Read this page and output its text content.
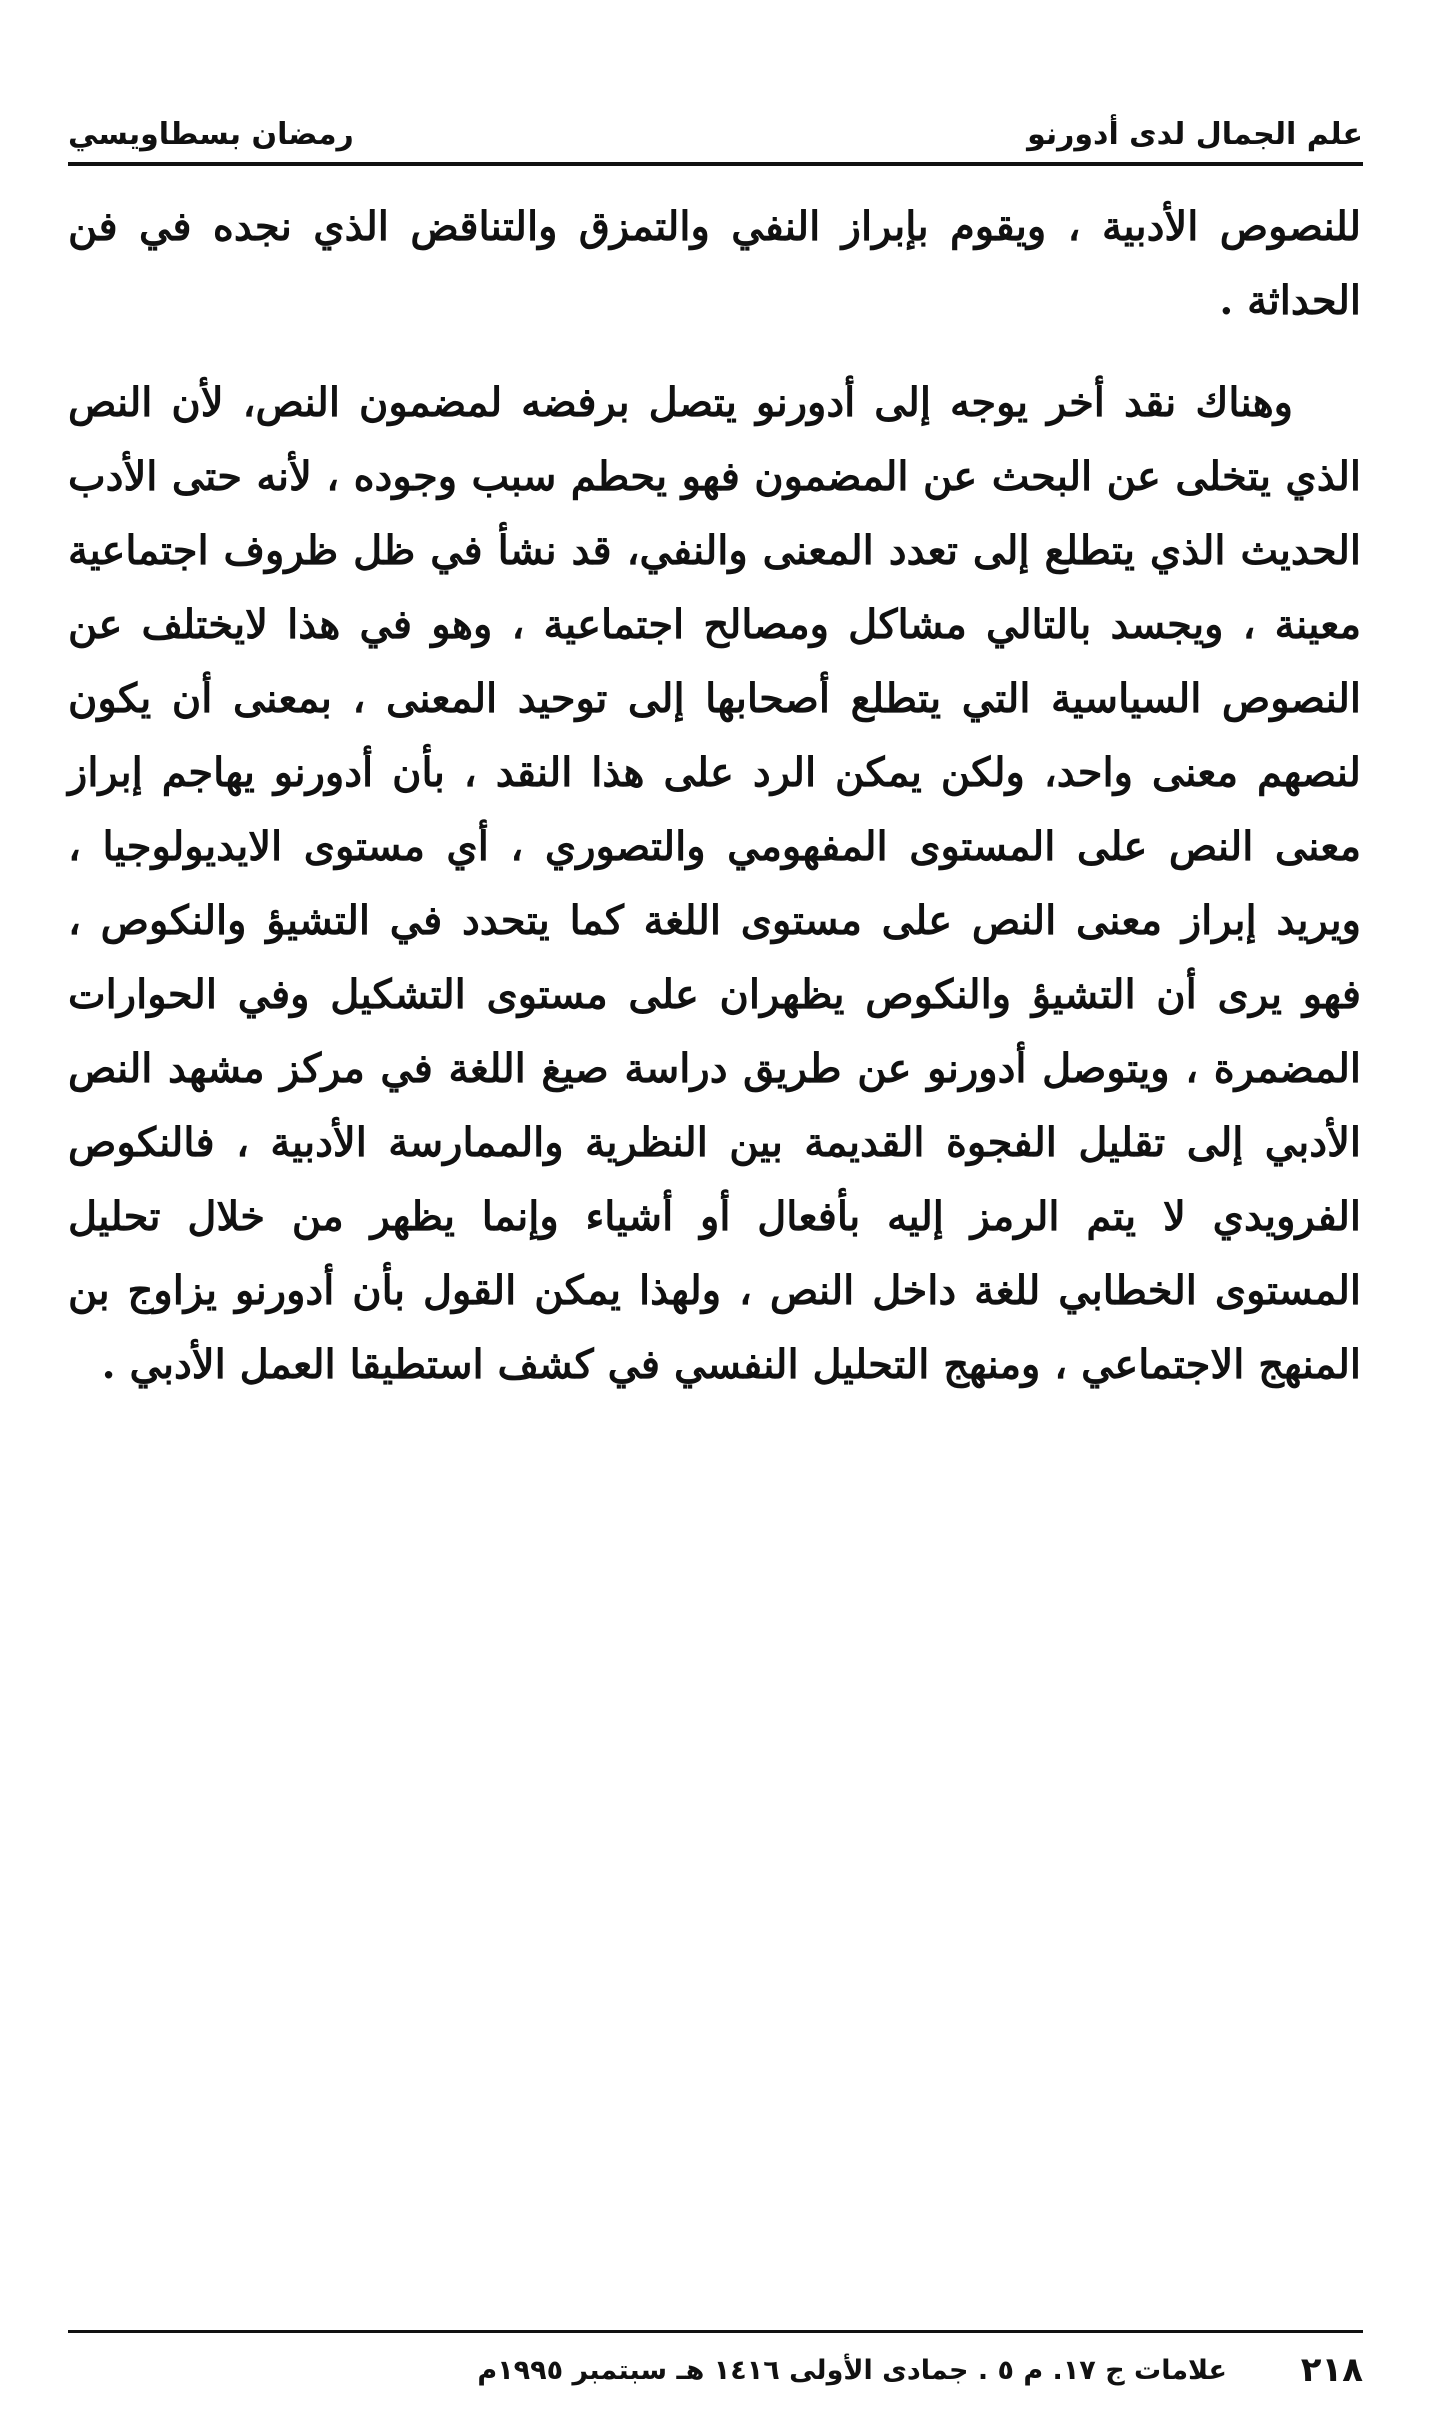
علم الجمال لدى أدورنو
رمضان بسطاويسي

للنصوص الأدبية ، ويقوم بإبراز النفي والتمزق والتناقض الذي نجده في فن الحداثة .

وهناك نقد أخر يوجه إلى أدورنو يتصل برفضه لمضمون النص، لأن النص الذي يتخلى عن البحث عن المضمون فهو يحطم سبب وجوده ، لأنه حتى الأدب الحديث الذي يتطلع إلى تعدد المعنى والنفي، قد نشأ في ظل ظروف اجتماعية معينة ، ويجسد بالتالي مشاكل ومصالح اجتماعية ، وهو في هذا لايختلف عن النصوص السياسية التي يتطلع أصحابها إلى توحيد المعنى ، بمعنى أن يكون لنصهم معنى واحد، ولكن يمكن الرد على هذا النقد ، بأن أدورنو يهاجم إبراز معنى النص على المستوى المفهومي والتصوري ، أي مستوى الايديولوجيا ، ويريد إبراز معنى النص على مستوى اللغة كما يتحدد في التشيؤ والنكوص ، فهو يرى أن التشيؤ والنكوص يظهران على مستوى التشكيل وفي الحوارات المضمرة ، ويتوصل أدورنو عن طريق دراسة صيغ اللغة في مركز مشهد النص الأدبي إلى تقليل الفجوة القديمة بين النظرية والممارسة الأدبية ، فالنكوص الفرويدي لا يتم الرمز إليه بأفعال أو أشياء وإنما يظهر من خلال تحليل المستوى الخطابي للغة داخل النص ، ولهذا يمكن القول بأن أدورنو يزاوج بن المنهج الاجتماعي ، ومنهج التحليل النفسي في كشف استطيقا العمل الأدبي .

٢١٨
علامات ج ١٧. م ٥ . جمادى الأولى ١٤١٦ هـ سبتمبر ١٩٩٥م
